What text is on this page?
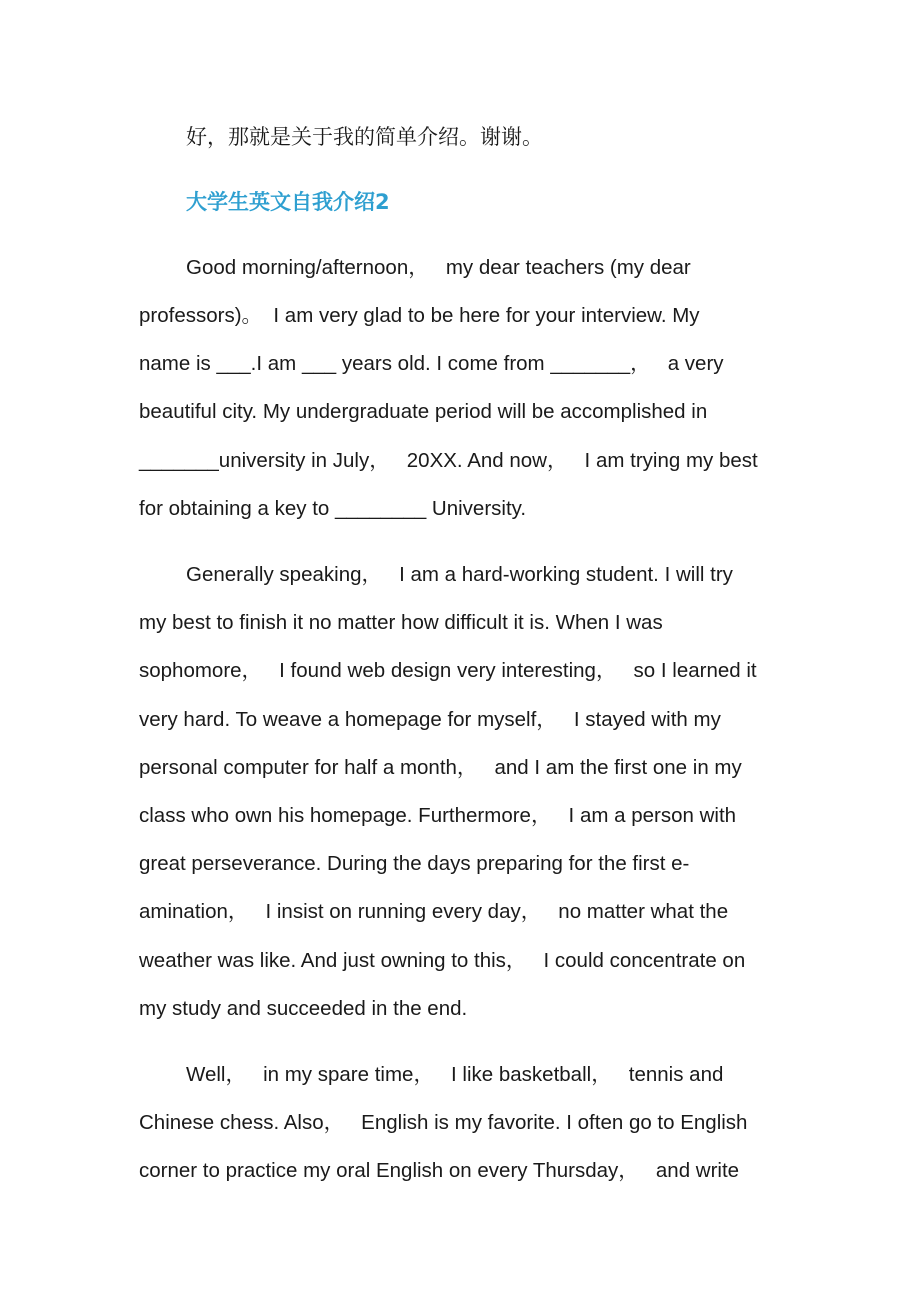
好，那就是关于我的简单介绍。谢谢。

大学生英文自我介绍2

Good morning/afternoon，   my dear teachers (my dear

professors)。  I am very glad to be here for your interview. My

name is ___.I am ___ years old. I come from _______，   a very

beautiful city. My undergraduate period will be accomplished in

_______university in July，   20XX. And now，   I am trying my best

for obtaining a key to ________ University.

Generally speaking，   I am a hard-working student. I will try

my best to finish it no matter how difficult it is. When I was

sophomore，   I found web design very interesting，   so I learned it

very hard. To weave a homepage for myself，   I stayed with my

personal computer for half a month，   and I am the first one in my

class who own his homepage. Furthermore，   I am a person with

great perseverance. During the days preparing for the first e-

amination，   I insist on running every day，   no matter what the

weather was like. And just owning to this，   I could concentrate on

my study and succeeded in the end.

Well，   in my spare time，   I like basketball，   tennis and

Chinese chess. Also，   English is my favorite. I often go to English

corner to practice my oral English on every Thursday，   and write
